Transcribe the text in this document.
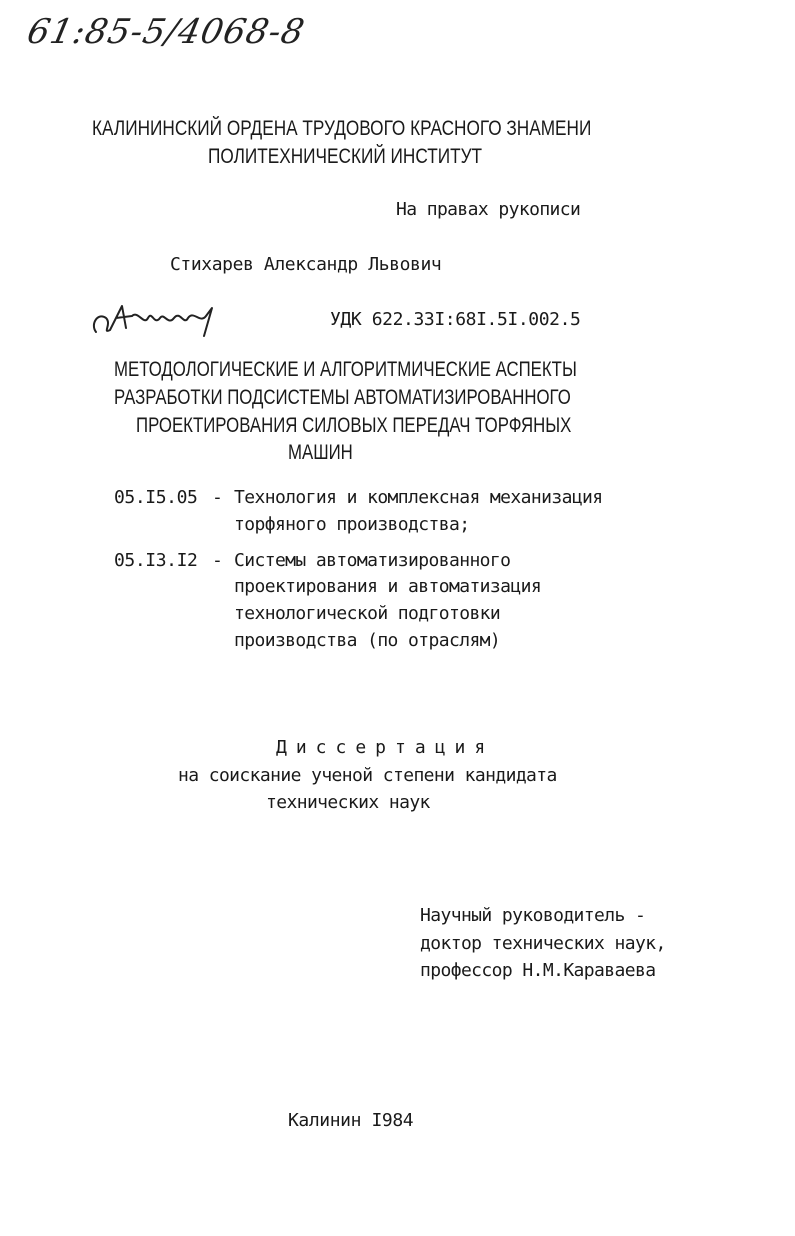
61:85-5/4068-8
КАЛИНИНСКИЙ ОРДЕНА ТРУДОВОГО КРАСНОГО ЗНАМЕНИ
ПОЛИТЕХНИЧЕСКИЙ ИНСТИТУТ
На правах рукописи
Стихарев Александр Львович
УДК 622.33I:68I.5I.002.5
МЕТОДОЛОГИЧЕСКИЕ И АЛГОРИТМИЧЕСКИЕ АСПЕКТЫ
РАЗРАБОТКИ ПОДСИСТЕМЫ АВТОМАТИЗИРОВАННОГО
ПРОЕКТИРОВАНИЯ СИЛОВЫХ ПЕРЕДАЧ ТОРФЯНЫХ
МАШИН
05.I5.05 - Технология и комплексная механизация
торфяного производства;
05.I3.I2 - Системы автоматизированного
проектирования и автоматизация
технологической подготовки
производства (по отраслям)
Диссертация
на соискание ученой степени кандидата
технических наук
Научный руководитель -
доктор технических наук,
профессор Н.М.Караваева
Калинин I984
